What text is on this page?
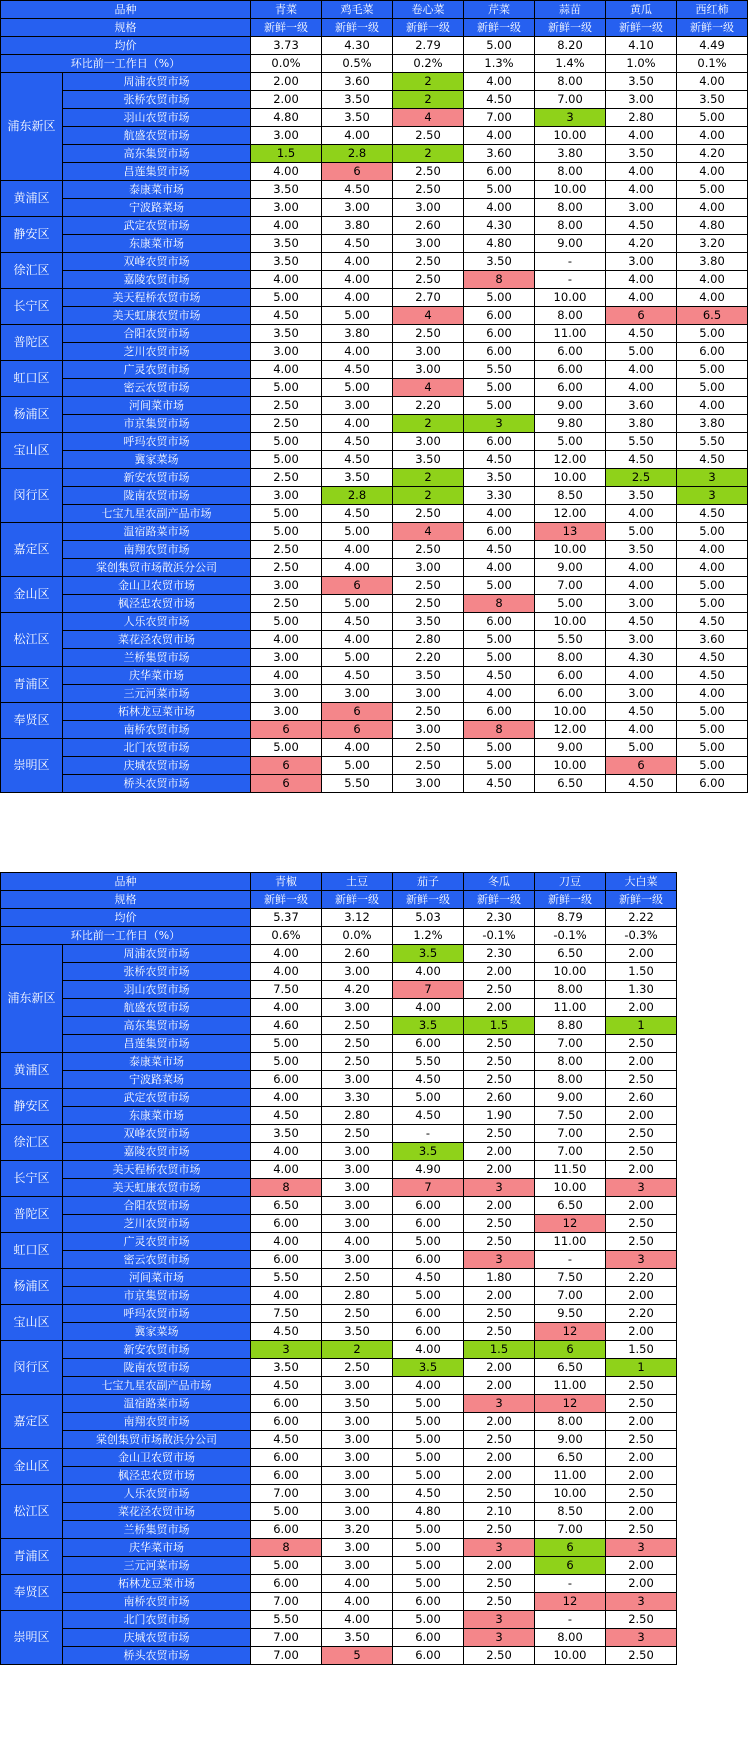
品种		青菜	鸡毛菜	卷心菜	芹菜	蒜苗	黄瓜	西红柿
规格		新鲜一级	新鲜一级	新鲜一级	新鲜一级	新鲜一级	新鲜一级	新鲜一级
均价		3.73	4.30	2.79	5.00	8.20	4.10	4.49
环比前一工作日（%）		0.0%	0.5%	0.2%	1.3%	1.4%	1.0%	0.1%
浦东新区	周浦农贸市场	2.00	3.60	2	4.00	8.00	3.50	4.00
	张桥农贸市场	2.00	3.50	2	4.50	7.00	3.00	3.50
	羽山农贸市场	4.80	3.50	4	7.00	3	2.80	5.00
	航盛农贸市场	3.00	4.00	2.50	4.00	10.00	4.00	4.00
	高东集贸市场	1.5	2.8	2	3.60	3.80	3.50	4.20
	昌莲集贸市场	4.00	6	2.50	6.00	8.00	4.00	4.00
黄浦区	泰康菜市场	3.50	4.50	2.50	5.00	10.00	4.00	5.00
	宁波路菜场	3.00	3.00	3.00	4.00	8.00	3.00	4.00
静安区	武定农贸市场	4.00	3.80	2.60	4.30	8.00	4.50	4.80
	东康菜市场	3.50	4.50	3.00	4.80	9.00	4.20	3.20
徐汇区	双峰农贸市场	3.50	4.00	2.50	3.50	-	3.00	3.80
	嘉陵农贸市场	4.00	4.00	2.50	8	-	4.00	4.00
长宁区	美天程桥农贸市场	5.00	4.00	2.70	5.00	10.00	4.00	4.00
	美天虹康农贸市场	4.50	5.00	4	6.00	8.00	6	6.5
普陀区	合阳农贸市场	3.50	3.80	2.50	6.00	11.00	4.50	5.00
	芝川农贸市场	3.00	4.00	3.00	6.00	6.00	5.00	6.00
虹口区	广灵农贸市场	4.00	4.50	3.00	5.50	6.00	4.00	5.00
	密云农贸市场	5.00	5.00	4	5.00	6.00	4.00	5.00
杨浦区	河间菜市场	2.50	3.00	2.20	5.00	9.00	3.60	4.00
	市京集贸市场	2.50	4.00	2	3	9.80	3.80	3.80
宝山区	呼玛农贸市场	5.00	4.50	3.00	6.00	5.00	5.50	5.50
	冀家菜场	5.00	4.50	3.50	4.50	12.00	4.50	4.50
闵行区	新安农贸市场	2.50	3.50	2	3.50	10.00	2.5	3
	陇南农贸市场	3.00	2.8	2	3.30	8.50	3.50	3
	七宝九星农副产品市场	5.00	4.50	2.50	4.00	12.00	4.00	4.50
嘉定区	温宿路菜市场	5.00	5.00	4	6.00	13	5.00	5.00
	南翔农贸市场	2.50	4.00	2.50	4.50	10.00	3.50	4.00
	棠创集贸市场散浜分公司	2.50	4.00	3.00	4.00	9.00	4.00	4.00
金山区	金山卫农贸市场	3.00	6	2.50	5.00	7.00	4.00	5.00
	枫泾忠农贸市场	2.50	5.00	2.50	8	5.00	3.00	5.00
松江区	人乐农贸市场	5.00	4.50	3.50	6.00	10.00	4.50	4.50
	菜花泾农贸市场	4.00	4.00	2.80	5.00	5.50	3.00	3.60
	兰桥集贸市场	3.00	5.00	2.20	5.00	8.00	4.30	4.50
青浦区	庆华菜市场	4.00	4.50	3.50	4.50	6.00	4.00	4.50
	三元河菜市场	3.00	3.00	3.00	4.00	6.00	3.00	4.00
奉贤区	柘林龙豆菜市场	3.00	6	2.50	6.00	10.00	4.50	5.00
	南桥农贸市场	6	6	3.00	8	12.00	4.00	5.00
崇明区	北门农贸市场	5.00	4.00	2.50	5.00	9.00	5.00	5.00
	庆城农贸市场	6	5.00	2.50	5.00	10.00	6	5.00
	桥头农贸市场	6	5.50	3.00	4.50	6.50	4.50	6.00
品种		青椒	土豆	茄子	冬瓜	刀豆	大白菜
规格		新鲜一级	新鲜一级	新鲜一级	新鲜一级	新鲜一级	新鲜一级
均价		5.37	3.12	5.03	2.30	8.79	2.22
环比前一工作日（%）		0.6%	0.0%	1.2%	-0.1%	-0.1%	-0.3%
浦东新区	周浦农贸市场	4.00	2.60	3.5	2.30	6.50	2.00
	张桥农贸市场	4.00	3.00	4.00	2.00	10.00	1.50
	羽山农贸市场	7.50	4.20	7	2.50	8.00	1.30
	航盛农贸市场	4.00	3.00	4.00	2.00	11.00	2.00
	高东集贸市场	4.60	2.50	3.5	1.5	8.80	1
	昌莲集贸市场	5.00	2.50	6.00	2.50	7.00	2.50
黄浦区	泰康菜市场	5.00	2.50	5.50	2.50	8.00	2.00
	宁波路菜场	6.00	3.00	4.50	2.50	8.00	2.50
静安区	武定农贸市场	4.00	3.30	5.00	2.60	9.00	2.60
	东康菜市场	4.50	2.80	4.50	1.90	7.50	2.00
徐汇区	双峰农贸市场	3.50	2.50	-	2.50	7.00	2.50
	嘉陵农贸市场	4.00	3.00	3.5	2.00	7.00	2.50
长宁区	美天程桥农贸市场	4.00	3.00	4.90	2.00	11.50	2.00
	美天虹康农贸市场	8	3.00	7	3	10.00	3
普陀区	合阳农贸市场	6.50	3.00	6.00	2.00	6.50	2.00
	芝川农贸市场	6.00	3.00	6.00	2.50	12	2.50
虹口区	广灵农贸市场	4.00	4.00	5.00	2.50	11.00	2.50
	密云农贸市场	6.00	3.00	6.00	3	-	3
杨浦区	河间菜市场	5.50	2.50	4.50	1.80	7.50	2.20
	市京集贸市场	4.00	2.80	5.00	2.00	7.00	2.00
宝山区	呼玛农贸市场	7.50	2.50	6.00	2.50	9.50	2.20
	冀家菜场	4.50	3.50	6.00	2.50	12	2.00
闵行区	新安农贸市场	3	2	4.00	1.5	6	1.50
	陇南农贸市场	3.50	2.50	3.5	2.00	6.50	1
	七宝九星农副产品市场	4.50	3.00	4.00	2.00	11.00	2.50
嘉定区	温宿路菜市场	6.00	3.50	5.00	3	12	2.50
	南翔农贸市场	6.00	3.00	5.00	2.00	8.00	2.00
	棠创集贸市场散浜分公司	4.50	3.00	5.00	2.50	9.00	2.50
金山区	金山卫农贸市场	6.00	3.00	5.00	2.00	6.50	2.00
	枫泾忠农贸市场	6.00	3.00	5.00	2.00	11.00	2.00
松江区	人乐农贸市场	7.00	3.00	4.50	2.50	10.00	2.50
	菜花泾农贸市场	5.00	3.00	4.80	2.10	8.50	2.00
	兰桥集贸市场	6.00	3.20	5.00	2.50	7.00	2.50
青浦区	庆华菜市场	8	3.00	5.00	3	6	3
	三元河菜市场	5.00	3.00	5.00	2.00	6	2.00
奉贤区	柘林龙豆菜市场	6.00	4.00	5.00	2.50	-	2.00
	南桥农贸市场	7.00	4.00	6.00	2.50	12	3
崇明区	北门农贸市场	5.50	4.00	5.00	3	-	2.50
	庆城农贸市场	7.00	3.50	6.00	3	8.00	3
	桥头农贸市场	7.00	5	6.00	2.50	10.00	2.50
